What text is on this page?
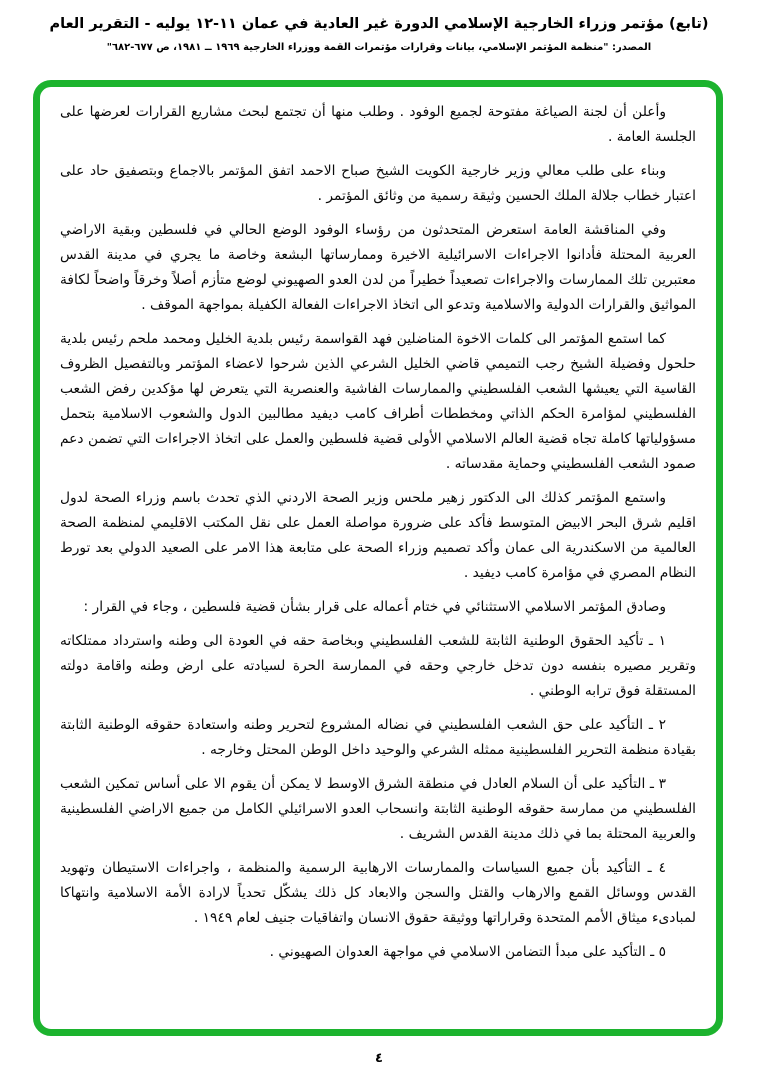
(تابع) مؤتمر وزراء الخارجية الإسلامي الدورة غير العادية في عمان ١١-١٢ يوليه - التقرير العام
المصدر: "منظمة المؤتمر الإسلامي، بيانات وقرارات مؤتمرات القمة ووزراء الخارجية ١٩٦٩ ــ ١٩٨١، ص ٦٧٧-٦٨٢"

وأعلن أن لجنة الصياغة مفتوحة لجميع الوفود . وطلب منها أن تجتمع لبحث مشاريع القرارات لعرضها على الجلسة العامة .

وبناء على طلب معالي وزير خارجية الكويت الشيخ صباح الاحمد اتفق المؤتمر بالاجماع وبتصفيق حاد على اعتبار خطاب جلالة الملك الحسين وثيقة رسمية من وثائق المؤتمر .

وفي المناقشة العامة استعرض المتحدثون من رؤساء الوفود الوضع الحالي في فلسطين وبقية الاراضي العربية المحتلة فأدانوا الاجراءات الاسرائيلية الاخيرة وممارساتها البشعة وخاصة ما يجري في مدينة القدس معتبرين تلك الممارسات والاجراءات تصعيداً خطيراً من لدن العدو الصهيوني لوضع متأزم أصلاً وخرقاً واضحاً لكافة المواثيق والقرارات الدولية والاسلامية وتدعو الى اتخاذ الاجراءات الفعالة الكفيلة بمواجهة الموقف .

كما استمع المؤتمر الى كلمات الاخوة المناضلين فهد القواسمة رئيس بلدية الخليل ومحمد ملحم رئيس بلدية حلحول وفضيلة الشيخ رجب التميمي قاضي الخليل الشرعي الذين شرحوا لاعضاء المؤتمر وبالتفصيل الظروف القاسية التي يعيشها الشعب الفلسطيني والممارسات الفاشية والعنصرية التي يتعرض لها مؤكدين رفض الشعب الفلسطيني لمؤامرة الحكم الذاتي ومخططات أطراف كامب ديفيد مطالبين الدول والشعوب الاسلامية بتحمل مسؤولياتها كاملة تجاه قضية العالم الاسلامي الأولى قضية فلسطين والعمل على اتخاذ الاجراءات التي تضمن دعم صمود الشعب الفلسطيني وحماية مقدساته .

واستمع المؤتمر كذلك الى الدكتور زهير ملحس وزير الصحة الاردني الذي تحدث باسم وزراء الصحة لدول اقليم شرق البحر الابيض المتوسط فأكد على ضرورة مواصلة العمل على نقل المكتب الاقليمي لمنظمة الصحة العالمية من الاسكندرية الى عمان وأكد تصميم وزراء الصحة على متابعة هذا الامر على الصعيد الدولي بعد تورط النظام المصري في مؤامرة كامب ديفيد .

وصادق المؤتمر الاسلامي الاستثنائي في ختام أعماله على قرار بشأن قضية فلسطين ، وجاء في القرار :

١ ـ تأكيد الحقوق الوطنية الثابتة للشعب الفلسطيني وبخاصة حقه في العودة الى وطنه واسترداد ممتلكاته وتقرير مصيره بنفسه دون تدخل خارجي وحقه في الممارسة الحرة لسيادته على ارض وطنه واقامة دولته المستقلة فوق ترابه الوطني .

٢ ـ التأكيد على حق الشعب الفلسطيني في نضاله المشروع لتحرير وطنه واستعادة حقوقه الوطنية الثابتة بقيادة منظمة التحرير الفلسطينية ممثله الشرعي والوحيد داخل الوطن المحتل وخارجه .

٣ ـ التأكيد على أن السلام العادل في منطقة الشرق الاوسط لا يمكن أن يقوم الا على أساس تمكين الشعب الفلسطيني من ممارسة حقوقه الوطنية الثابتة وانسحاب العدو الاسرائيلي الكامل من جميع الاراضي الفلسطينية والعربية المحتلة بما في ذلك مدينة القدس الشريف .

٤ ـ التأكيد بأن جميع السياسات والممارسات الارهابية الرسمية والمنظمة ، واجراءات الاستيطان وتهويد القدس ووسائل القمع والارهاب والقتل والسجن والابعاد كل ذلك يشكّل تحدياً لارادة الأمة الاسلامية وانتهاكا لمبادىء ميثاق الأمم المتحدة وقراراتها ووثيقة حقوق الانسان واتفاقيات جنيف لعام ١٩٤٩ .

٥ ـ التأكيد على مبدأ التضامن الاسلامي في مواجهة العدوان الصهيوني .

٤
